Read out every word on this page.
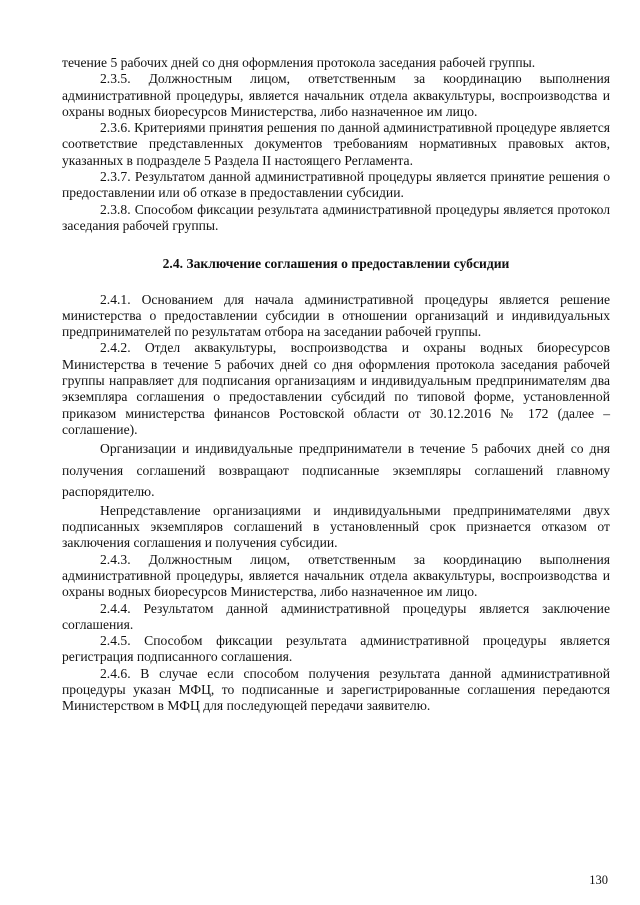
течение 5 рабочих дней со дня оформления протокола заседания рабочей группы.

2.3.5. Должностным лицом, ответственным за координацию выполнения административной процедуры, является начальник отдела аквакультуры, воспроизводства и охраны водных биоресурсов Министерства, либо назначенное им лицо.

2.3.6. Критериями принятия решения по данной административной процедуре является соответствие представленных документов требованиям нормативных правовых актов, указанных в подразделе 5 Раздела II настоящего Регламента.

2.3.7. Результатом данной административной процедуры является принятие решения о предоставлении или об отказе в предоставлении субсидии.

2.3.8. Способом фиксации результата административной процедуры является протокол заседания рабочей группы.

2.4. Заключение соглашения о предоставлении субсидии

2.4.1. Основанием для начала административной процедуры является решение министерства о предоставлении субсидии в отношении организаций и индивидуальных предпринимателей по результатам отбора на заседании рабочей группы.

2.4.2. Отдел аквакультуры, воспроизводства и охраны водных биоресурсов Министерства в течение 5 рабочих дней со дня оформления протокола заседания рабочей группы направляет для подписания организациям и индивидуальным предпринимателям два экземпляра соглашения о предоставлении субсидий по типовой форме, установленной приказом министерства финансов Ростовской области от 30.12.2016 № 172 (далее – соглашение).

Организации и индивидуальные предприниматели в течение 5 рабочих дней со дня получения соглашений возвращают подписанные экземпляры соглашений главному распорядителю.

Непредставление организациями и индивидуальными предпринимателями двух подписанных экземпляров соглашений в установленный срок признается отказом от заключения соглашения и получения субсидии.

2.4.3. Должностным лицом, ответственным за координацию выполнения административной процедуры, является начальник отдела аквакультуры, воспроизводства и охраны водных биоресурсов Министерства, либо назначенное им лицо.

2.4.4. Результатом данной административной процедуры является заключение соглашения.

2.4.5. Способом фиксации результата административной процедуры является регистрация подписанного соглашения.

2.4.6. В случае если способом получения результата данной административной процедуры указан МФЦ, то подписанные и зарегистрированные соглашения передаются Министерством в МФЦ для последующей передачи заявителю.

130
